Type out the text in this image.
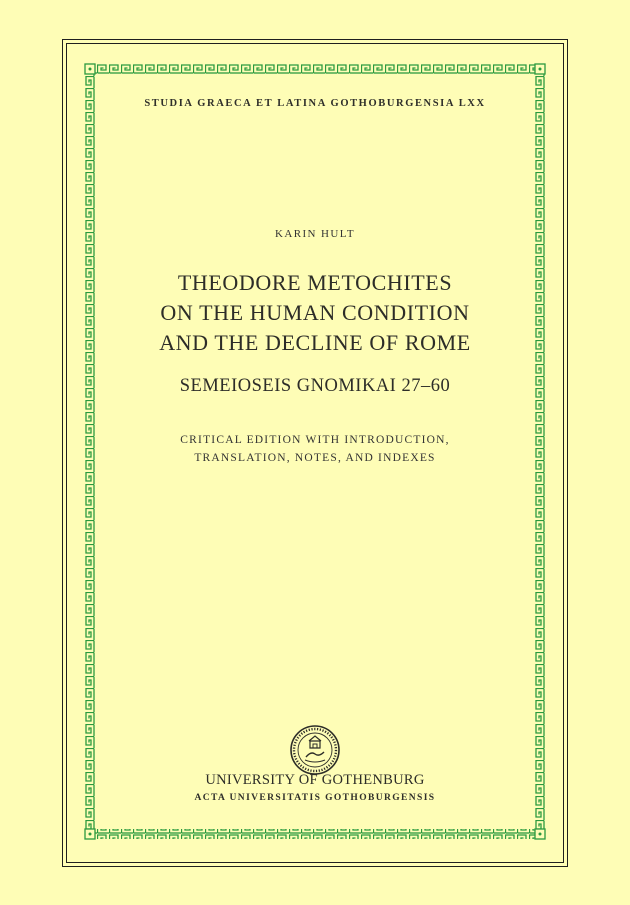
STUDIA GRAECA ET LATINA GOTHOBURGENSIA LXX
KARIN HULT
THEODORE METOCHITES
ON THE HUMAN CONDITION
AND THE DECLINE OF ROME
SEMEIOSEIS GNOMIKAI 27–60
CRITICAL EDITION WITH INTRODUCTION,
TRANSLATION, NOTES, AND INDEXES
UNIVERSITY OF GOTHENBURG
ACTA UNIVERSITATIS GOTHOBURGENSIS
